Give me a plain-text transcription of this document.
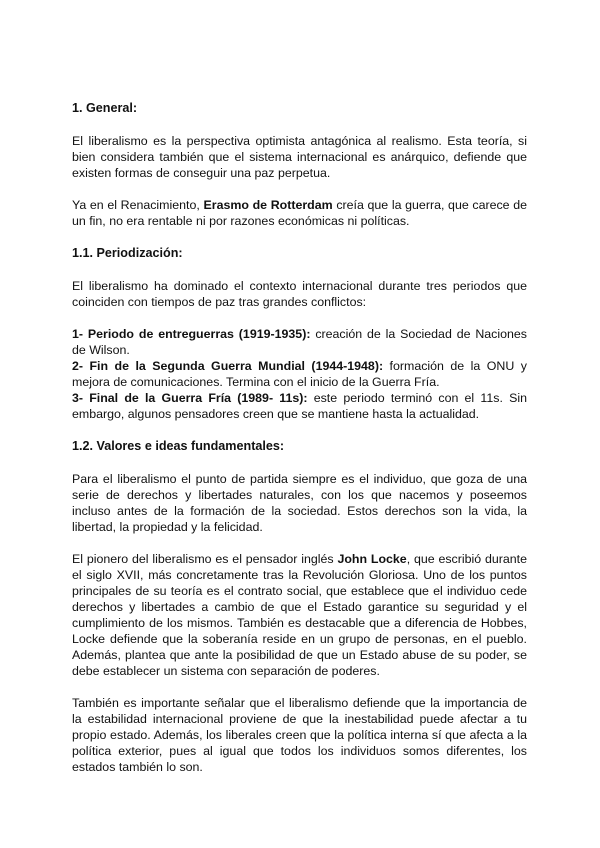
1. General:

El liberalismo es la perspectiva optimista antagónica al realismo. Esta teoría, si bien considera también que el sistema internacional es anárquico, defiende que existen formas de conseguir una paz perpetua.

Ya en el Renacimiento, Erasmo de Rotterdam creía que la guerra, que carece de un fin, no era rentable ni por razones económicas ni políticas.

1.1. Periodización:

El liberalismo ha dominado el contexto internacional durante tres periodos que coinciden con tiempos de paz tras grandes conflictos:

1- Periodo de entreguerras (1919-1935): creación de la Sociedad de Naciones de Wilson.

2- Fin de la Segunda Guerra Mundial (1944-1948): formación de la ONU y mejora de comunicaciones. Termina con el inicio de la Guerra Fría.

3- Final de la Guerra Fría (1989- 11s): este periodo terminó con el 11s. Sin embargo, algunos pensadores creen que se mantiene hasta la actualidad.

1.2. Valores e ideas fundamentales:

Para el liberalismo el punto de partida siempre es el individuo, que goza de una serie de derechos y libertades naturales, con los que nacemos y poseemos incluso antes de la formación de la sociedad. Estos derechos son la vida, la libertad, la propiedad y la felicidad.

El pionero del liberalismo es el pensador inglés John Locke, que escribió durante el siglo XVII, más concretamente tras la Revolución Gloriosa. Uno de los puntos principales de su teoría es el contrato social, que establece que el individuo cede derechos y libertades a cambio de que el Estado garantice su seguridad y el cumplimiento de los mismos. También es destacable que a diferencia de Hobbes, Locke defiende que la soberanía reside en un grupo de personas, en el pueblo. Además, plantea que ante la posibilidad de que un Estado abuse de su poder, se debe establecer un sistema con separación de poderes.

También es importante señalar que el liberalismo defiende que la importancia de la estabilidad internacional proviene de que la inestabilidad puede afectar a tu propio estado. Además, los liberales creen que la política interna sí que afecta a la política exterior, pues al igual que todos los individuos somos diferentes, los estados también lo son.
